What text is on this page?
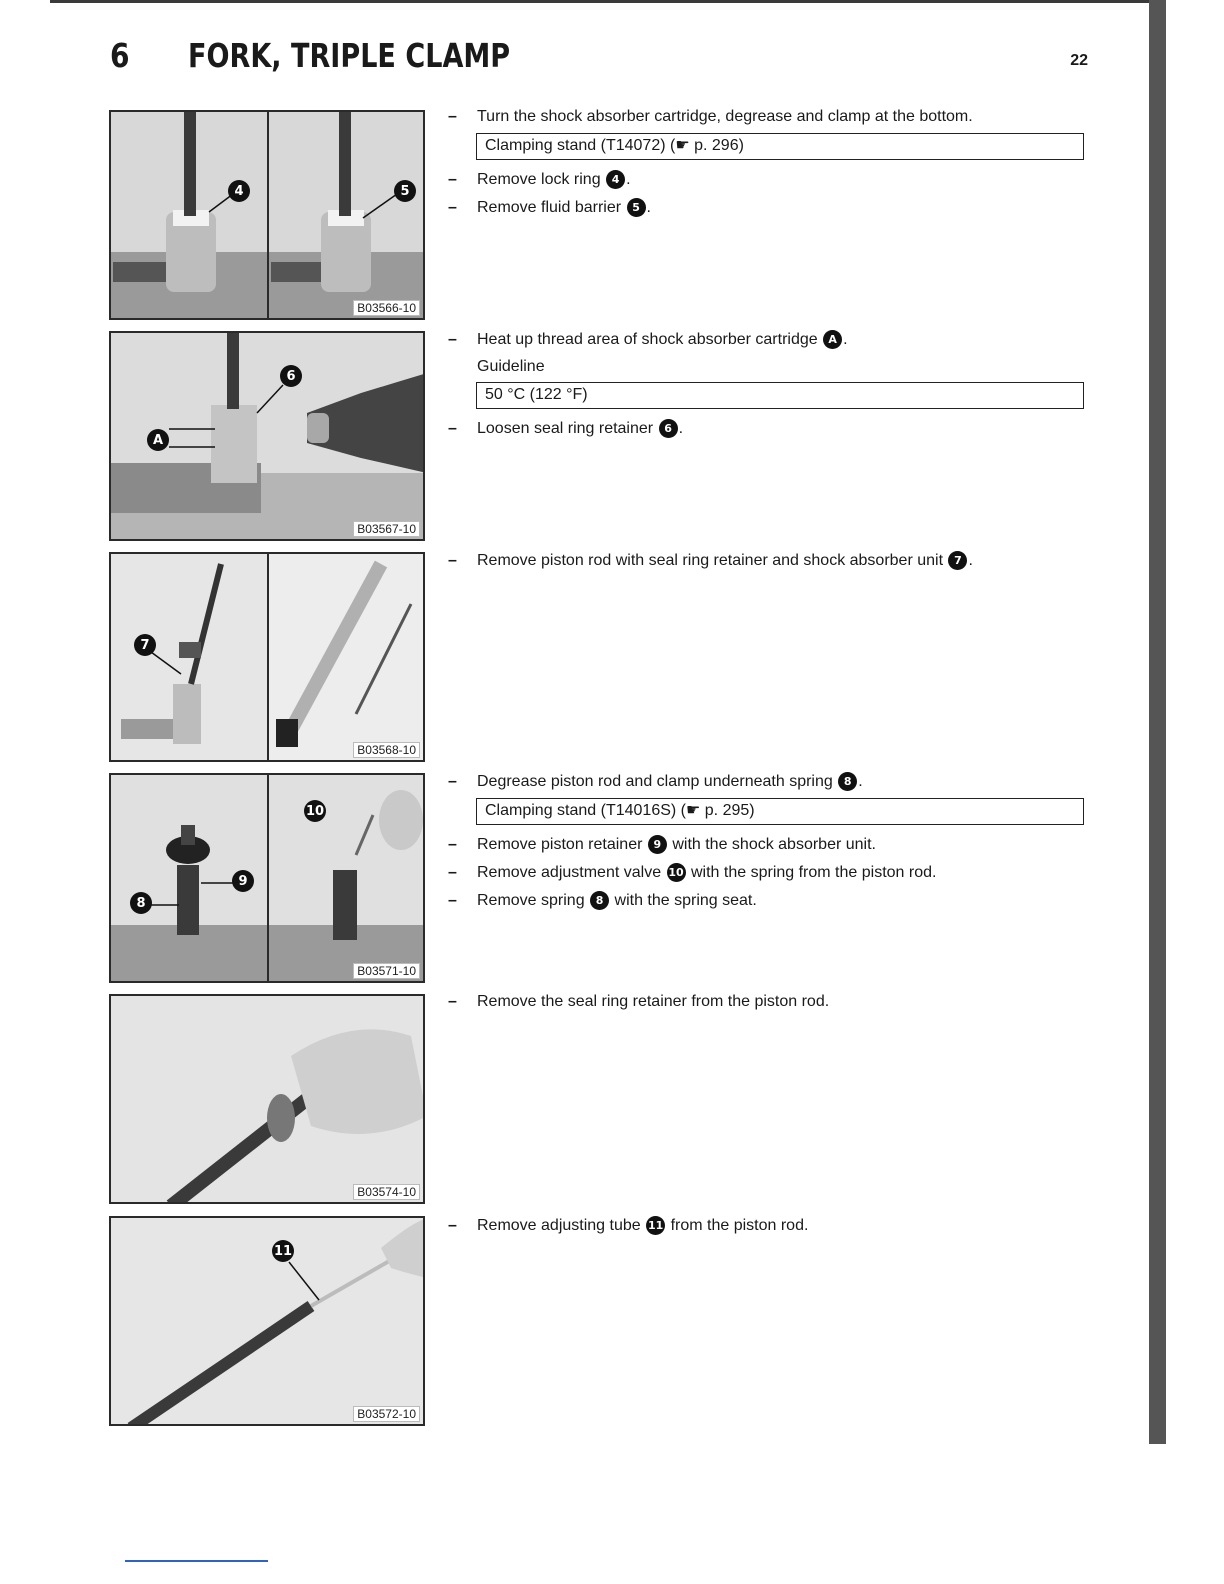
6 FORK, TRIPLE CLAMP	22
4	5
B03566-10
6
A
B03567-10
7
B03568-10
10
9
8
B03571-10
B03574-10
11
B03572-10
– Turn the shock absorber cartridge, degrease and clamp at the bottom.
Clamping stand (T14072) (☛ p. 296)
– Remove lock ring 4 .
– Remove fluid barrier 5 .
– Heat up thread area of shock absorber cartridge A .
Guideline
50 °C (122 °F)
– Loosen seal ring retainer 6 .
– Remove piston rod with seal ring retainer and shock absorber unit 7 .
– Degrease piston rod and clamp underneath spring 8 .
Clamping stand (T14016S) (☛ p. 295)
– Remove piston retainer 9 with the shock absorber unit.
– Remove adjustment valve 10 with the spring from the piston rod.
– Remove spring 8 with the spring seat.
– Remove the seal ring retainer from the piston rod.
– Remove adjusting tube 11 from the piston rod.
